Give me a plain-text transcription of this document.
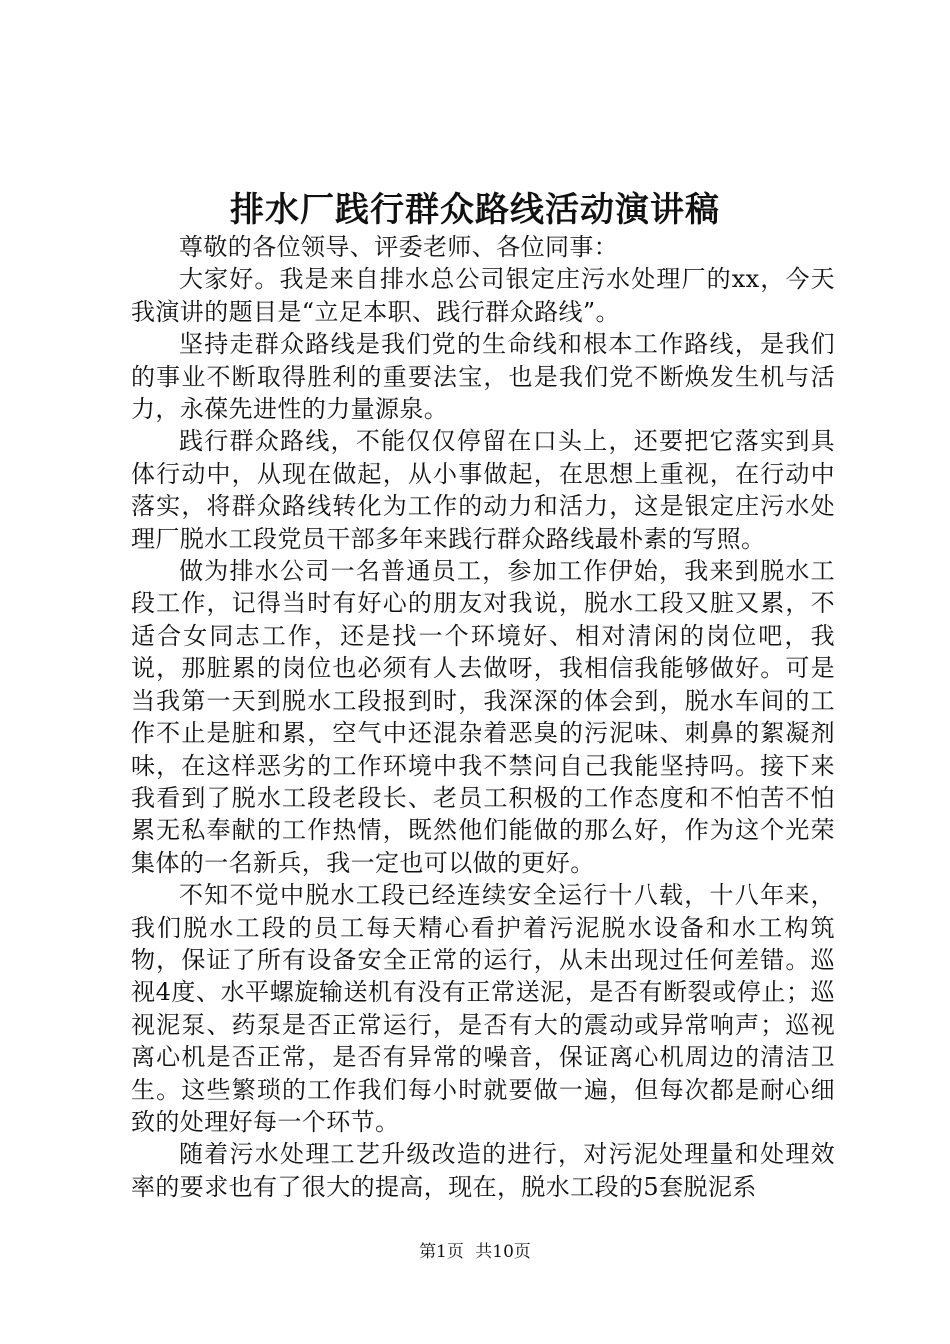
排水厂践行群众路线活动演讲稿

尊敬的各位领导、评委老师、各位同事：

大家好。我是来自排水总公司银定庄污水处理厂的xx，今天我演讲的题目是“立足本职、践行群众路线”。

坚持走群众路线是我们党的生命线和根本工作路线，是我们的事业不断取得胜利的重要法宝，也是我们党不断焕发生机与活力，永葆先进性的力量源泉。

践行群众路线，不能仅仅停留在口头上，还要把它落实到具体行动中，从现在做起，从小事做起，在思想上重视，在行动中落实，将群众路线转化为工作的动力和活力，这是银定庄污水处理厂脱水工段党员干部多年来践行群众路线最朴素的写照。

做为排水公司一名普通员工，参加工作伊始，我来到脱水工段工作，记得当时有好心的朋友对我说，脱水工段又脏又累，不适合女同志工作，还是找一个环境好、相对清闲的岗位吧，我说，那脏累的岗位也必须有人去做呀，我相信我能够做好。可是当我第一天到脱水工段报到时，我深深的体会到，脱水车间的工作不止是脏和累，空气中还混杂着恶臭的污泥味、刺鼻的絮凝剂味，在这样恶劣的工作环境中我不禁问自己我能坚持吗。接下来我看到了脱水工段老段长、老员工积极的工作态度和不怕苦不怕累无私奉献的工作热情，既然他们能做的那么好，作为这个光荣集体的一名新兵，我一定也可以做的更好。

不知不觉中脱水工段已经连续安全运行十八载，十八年来，我们脱水工段的员工每天精心看护着污泥脱水设备和水工构筑物，保证了所有设备安全正常的运行，从未出现过任何差错。巡视4度、水平螺旋输送机有没有正常送泥，是否有断裂或停止；巡视泥泵、药泵是否正常运行，是否有大的震动或异常响声；巡视离心机是否正常，是否有异常的噪音，保证离心机周边的清洁卫生。这些繁琐的工作我们每小时就要做一遍，但每次都是耐心细致的处理好每一个环节。

随着污水处理工艺升级改造的进行，对污泥处理量和处理效率的要求也有了很大的提高，现在，脱水工段的5套脱泥系

第1页 共10页
